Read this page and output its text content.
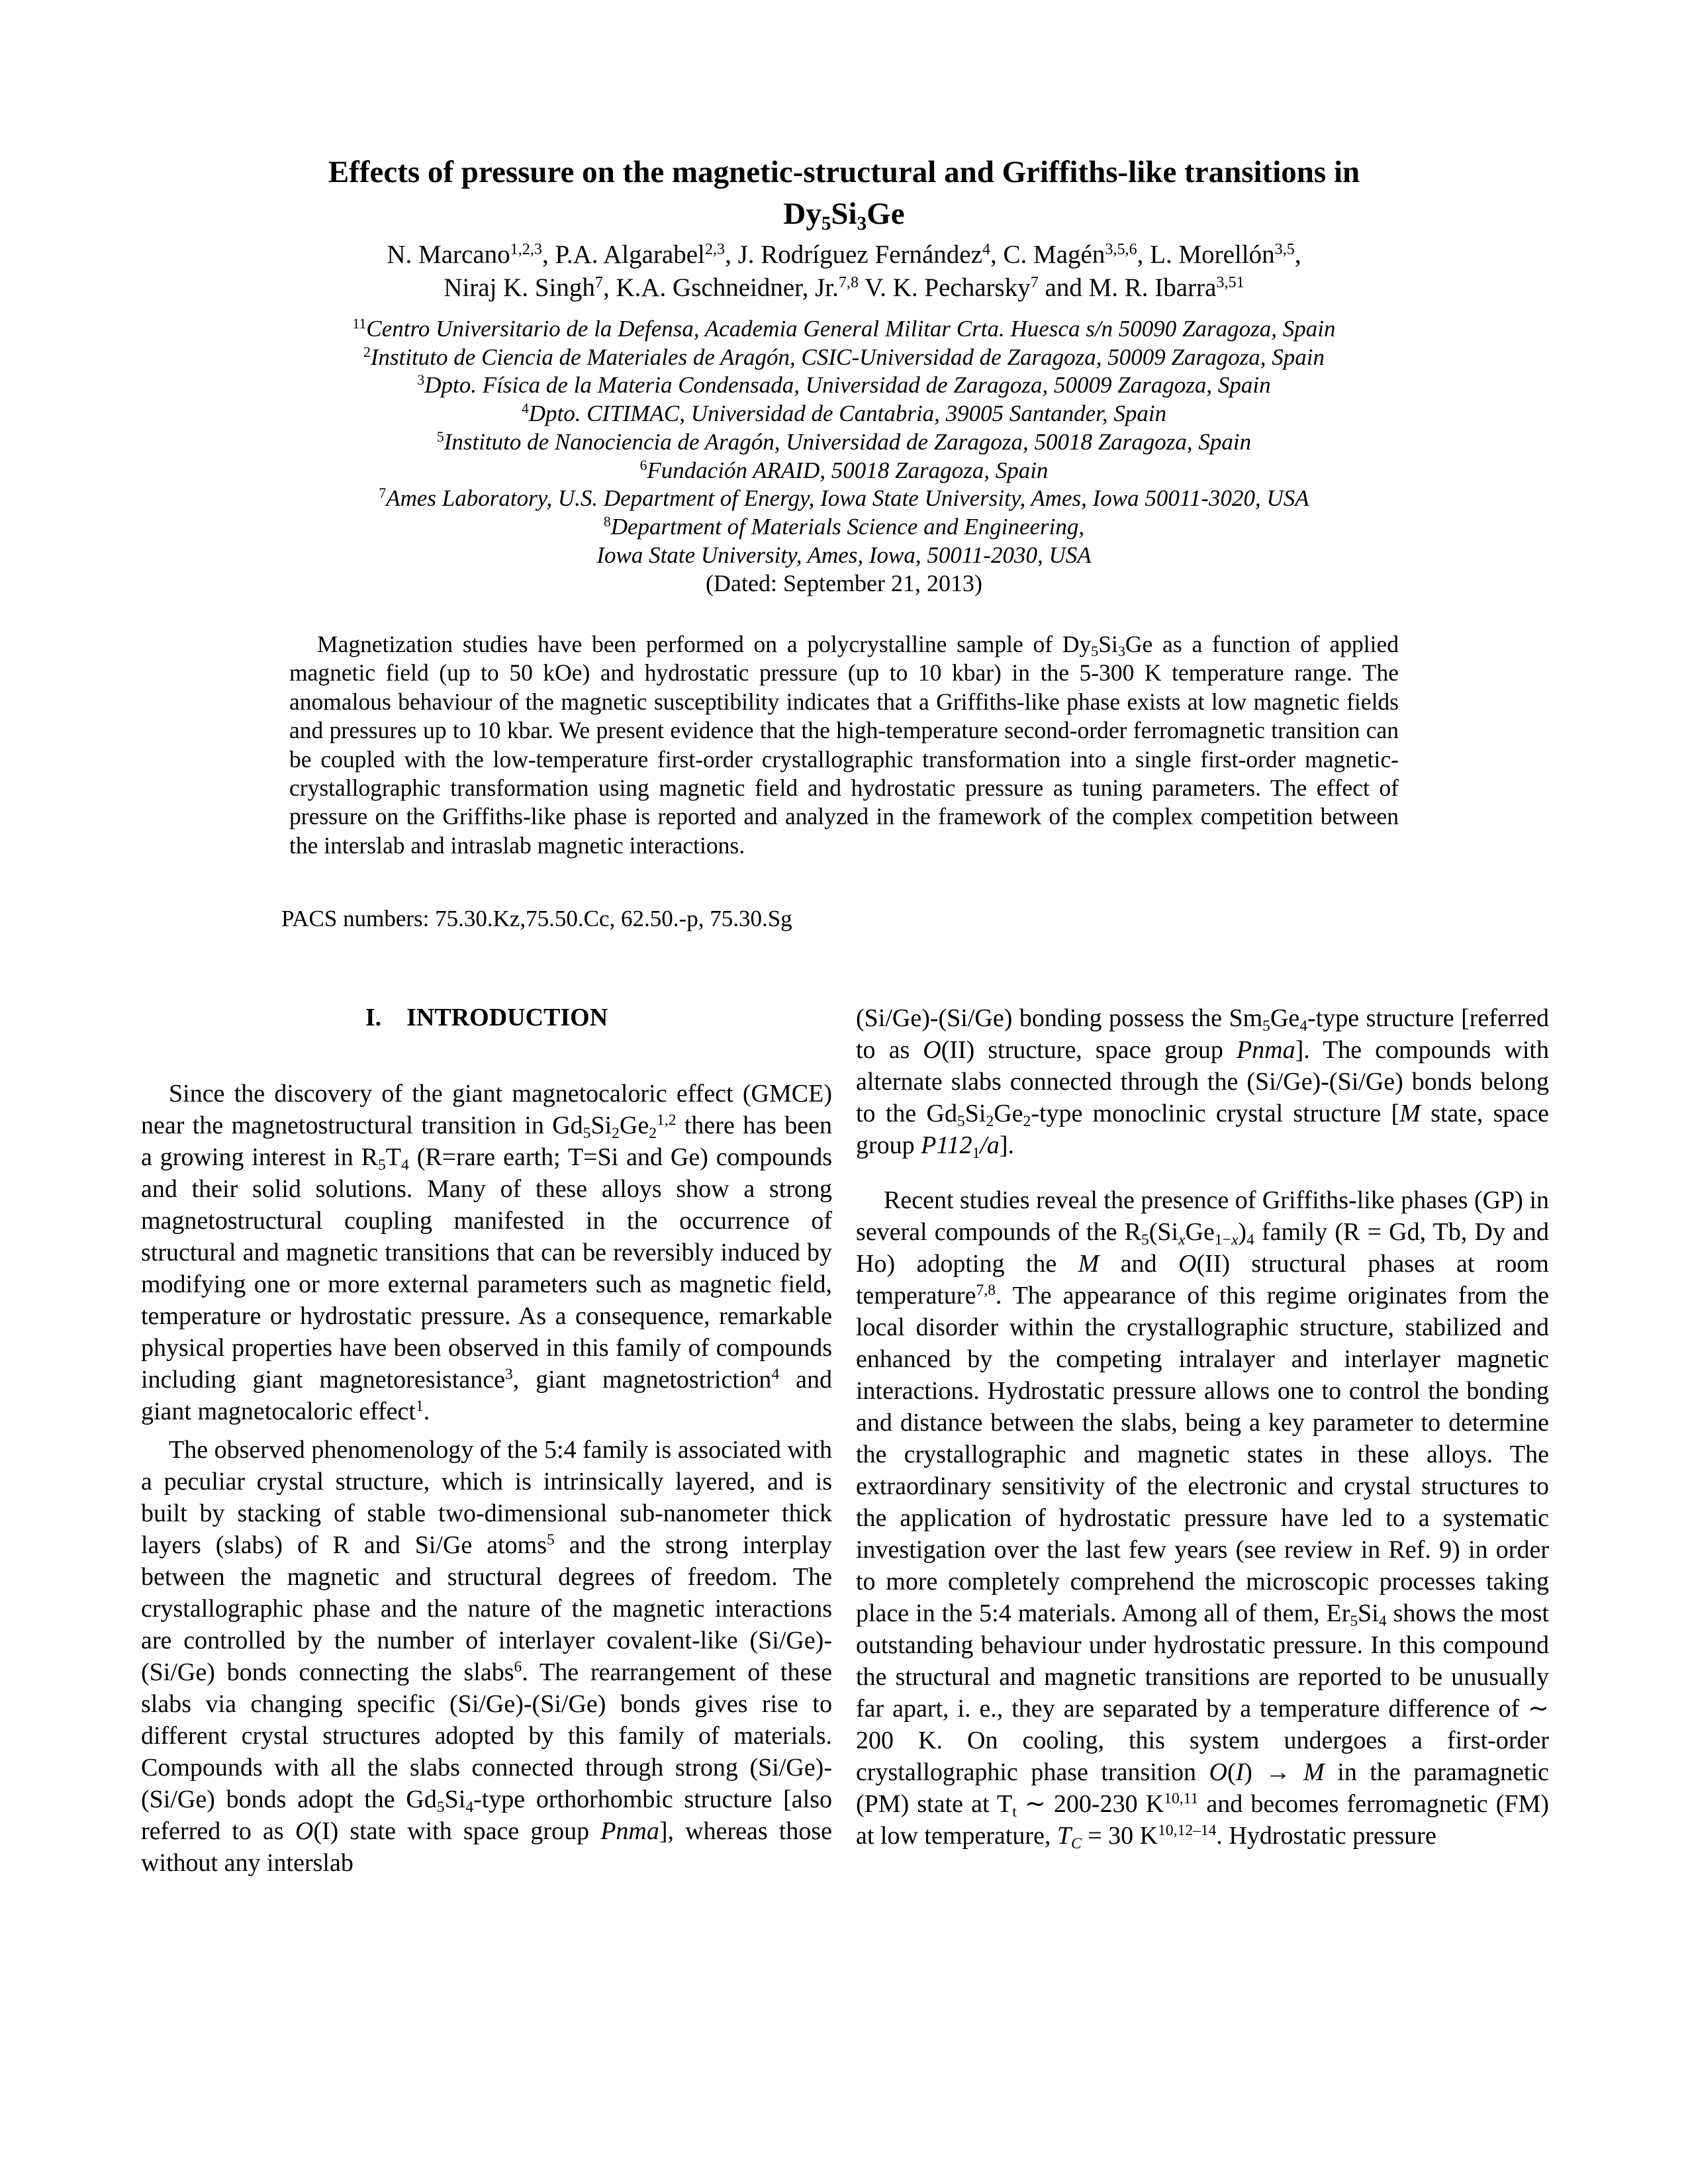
Effects of pressure on the magnetic-structural and Griffiths-like transitions in
$Dy_5Si_3Ge$
N. Marcano$^{1,2,3}$, P.A. Algarabel$^{2,3}$, J. Rodríguez Fernández$^4$, C. Magén$^{3,5,6}$, L. Morellón$^{3,5}$,
Niraj K. Singh$^7$, K.A. Gschneidner, Jr.$^{7,8}$ V. K. Pecharsky$^7$ and M. R. Ibarra$^{3,51}$
$^{11}$Centro Universitario de la Defensa, Academia General Militar Crta. Huesca s/n 50090 Zaragoza, Spain
$^2$Instituto de Ciencia de Materiales de Aragón, CSIC-Universidad de Zaragoza, 50009 Zaragoza, Spain
$^3$Dpto. Física de la Materia Condensada, Universidad de Zaragoza, 50009 Zaragoza, Spain
$^4$Dpto. CITIMAC, Universidad de Cantabria, 39005 Santander, Spain
$^5$Instituto de Nanociencia de Aragón, Universidad de Zaragoza, 50018 Zaragoza, Spain
$^6$Fundación ARAID, 50018 Zaragoza, Spain
$^7$Ames Laboratory, U.S. Department of Energy, Iowa State University, Ames, Iowa 50011-3020, USA
$^8$Department of Materials Science and Engineering,
Iowa State University, Ames, Iowa, 50011-2030, USA
(Dated: September 21, 2013)

Magnetization studies have been performed on a polycrystalline sample of $Dy_5Si_3Ge$ as a function of applied magnetic field (up to 50 kOe) and hydrostatic pressure (up to 10 kbar) in the 5-300 K temperature range. The anomalous behaviour of the magnetic susceptibility indicates that a Griffiths-like phase exists at low magnetic fields and pressures up to 10 kbar. We present evidence that the high-temperature second-order ferromagnetic transition can be coupled with the low-temperature first-order crystallographic transformation into a single first-order magnetic-crystallographic transformation using magnetic field and hydrostatic pressure as tuning parameters. The effect of pressure on the Griffiths-like phase is reported and analyzed in the framework of the complex competition between the interslab and intraslab magnetic interactions.

PACS numbers: 75.30.Kz,75.50.Cc, 62.50.-p, 75.30.Sg
I. INTRODUCTION

Since the discovery of the giant magnetocaloric effect (GMCE) near the magnetostructural transition in $Gd_5Si_2Ge_2^{1,2}$ there has been a growing interest in $R_5T_4$ (R=rare earth; T=Si and Ge) compounds and their solid solutions. Many of these alloys show a strong magnetostructural coupling manifested in the occurrence of structural and magnetic transitions that can be reversibly induced by modifying one or more external parameters such as magnetic field, temperature or hydrostatic pressure. As a consequence, remarkable physical properties have been observed in this family of compounds including giant magnetoresistance$^3$, giant magnetostriction$^4$ and giant magnetocaloric effect$^1$.

The observed phenomenology of the 5:4 family is associated with a peculiar crystal structure, which is intrinsically layered, and is built by stacking of stable two-dimensional sub-nanometer thick layers (slabs) of R and Si/Ge atoms$^5$ and the strong interplay between the magnetic and structural degrees of freedom. The crystallographic phase and the nature of the magnetic interactions are controlled by the number of interlayer covalent-like (Si/Ge)-(Si/Ge) bonds connecting the slabs$^6$. The rearrangement of these slabs via changing specific (Si/Ge)-(Si/Ge) bonds gives rise to different crystal structures adopted by this family of materials. Compounds with all the slabs connected through strong (Si/Ge)-(Si/Ge) bonds adopt the $Gd_5Si_4$-type orthorhombic structure [also referred to as O(I) state with space group Pnma], whereas those without any interslab

(Si/Ge)-(Si/Ge) bonding possess the $Sm_5Ge_4$-type structure [referred to as O(II) structure, space group Pnma]. The compounds with alternate slabs connected through the (Si/Ge)-(Si/Ge) bonds belong to the $Gd_5Si_2Ge_2$-type monoclinic crystal structure [M state, space group $P112_1/a$].

Recent studies reveal the presence of Griffiths-like phases (GP) in several compounds of the $R_5(Si_xGe_{1-x})_4$ family (R = Gd, Tb, Dy and Ho) adopting the M and O(II) structural phases at room temperature$^{7,8}$. The appearance of this regime originates from the local disorder within the crystallographic structure, stabilized and enhanced by the competing intralayer and interlayer magnetic interactions. Hydrostatic pressure allows one to control the bonding and distance between the slabs, being a key parameter to determine the crystallographic and magnetic states in these alloys. The extraordinary sensitivity of the electronic and crystal structures to the application of hydrostatic pressure have led to a systematic investigation over the last few years (see review in Ref. 9) in order to more completely comprehend the microscopic processes taking place in the 5:4 materials. Among all of them, $Er_5Si_4$ shows the most outstanding behaviour under hydrostatic pressure. In this compound the structural and magnetic transitions are reported to be unusually far apart, i. e., they are separated by a temperature difference of ∼ 200 K. On cooling, this system undergoes a first-order crystallographic phase transition O(I) → M in the paramagnetic (PM) state at $T_t$ ∼ 200-230 K$^{10,11}$ and becomes ferromagnetic (FM) at low temperature, $T_C = 30$ K$^{10,12-14}$. Hydrostatic pressure
